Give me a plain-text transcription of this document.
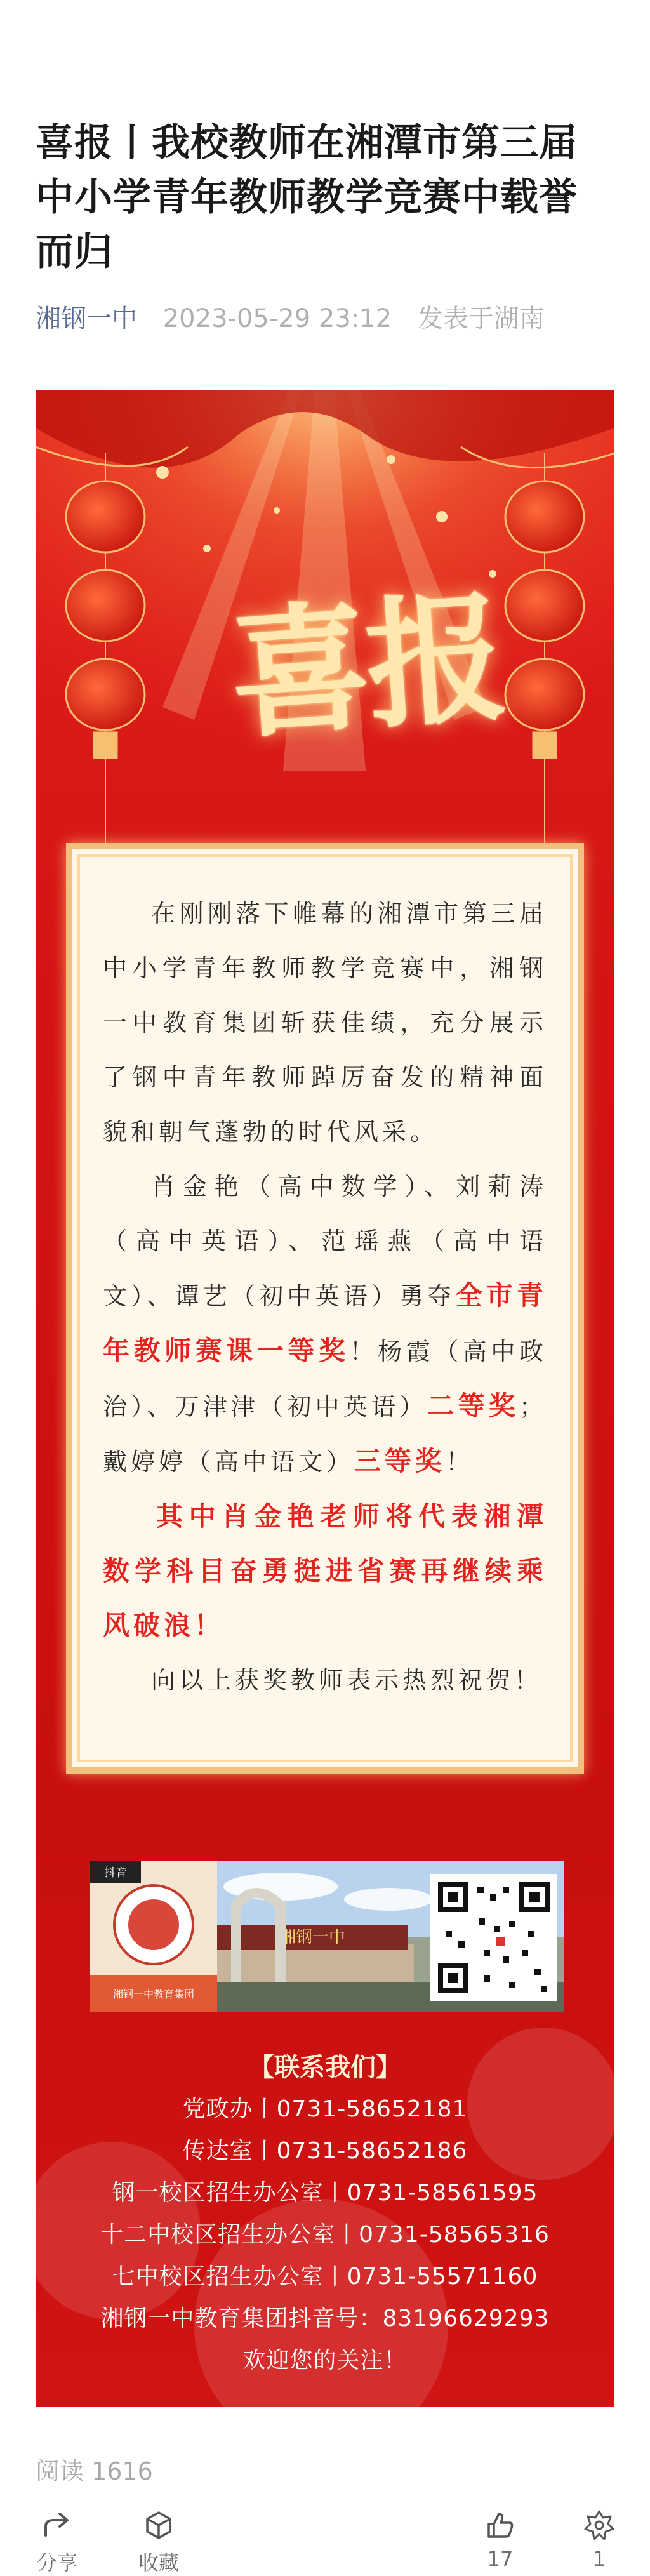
喜报丨我校教师在湘潭市第三届中小学青年教师教学竞赛中载誉而归
湘钢一中 2023-05-29 23:12 发表于湖南
喜报

在刚刚落下帷幕的湘潭市第三届中小学青年教师教学竞赛中，湘钢一中教育集团斩获佳绩，充分展示了钢中青年教师踔厉奋发的精神面貌和朝气蓬勃的时代风采。

肖金艳（高中数学）、刘莉涛（高中英语）、范瑶燕（高中语文）、谭艺（初中英语）勇夺全市青年教师赛课一等奖！杨霞（高中政治）、万津津（初中英语）二等奖；戴婷婷（高中语文）三等奖！

其中肖金艳老师将代表湘潭数学科目奋勇挺进省赛再继续乘风破浪！

向以上获奖教师表示热烈祝贺！

湘钢一中
抖音
湘钢一中教育集团
【联系我们】
党政办丨0731-58652181
传达室丨0731-58652186
钢一校区招生办公室丨0731-58561595
十二中校区招生办公室丨0731-58565316
七中校区招生办公室丨0731-55571160
湘钢一中教育集团抖音号：83196629293
欢迎您的关注！
阅读 1616
分享	收藏	17	1
